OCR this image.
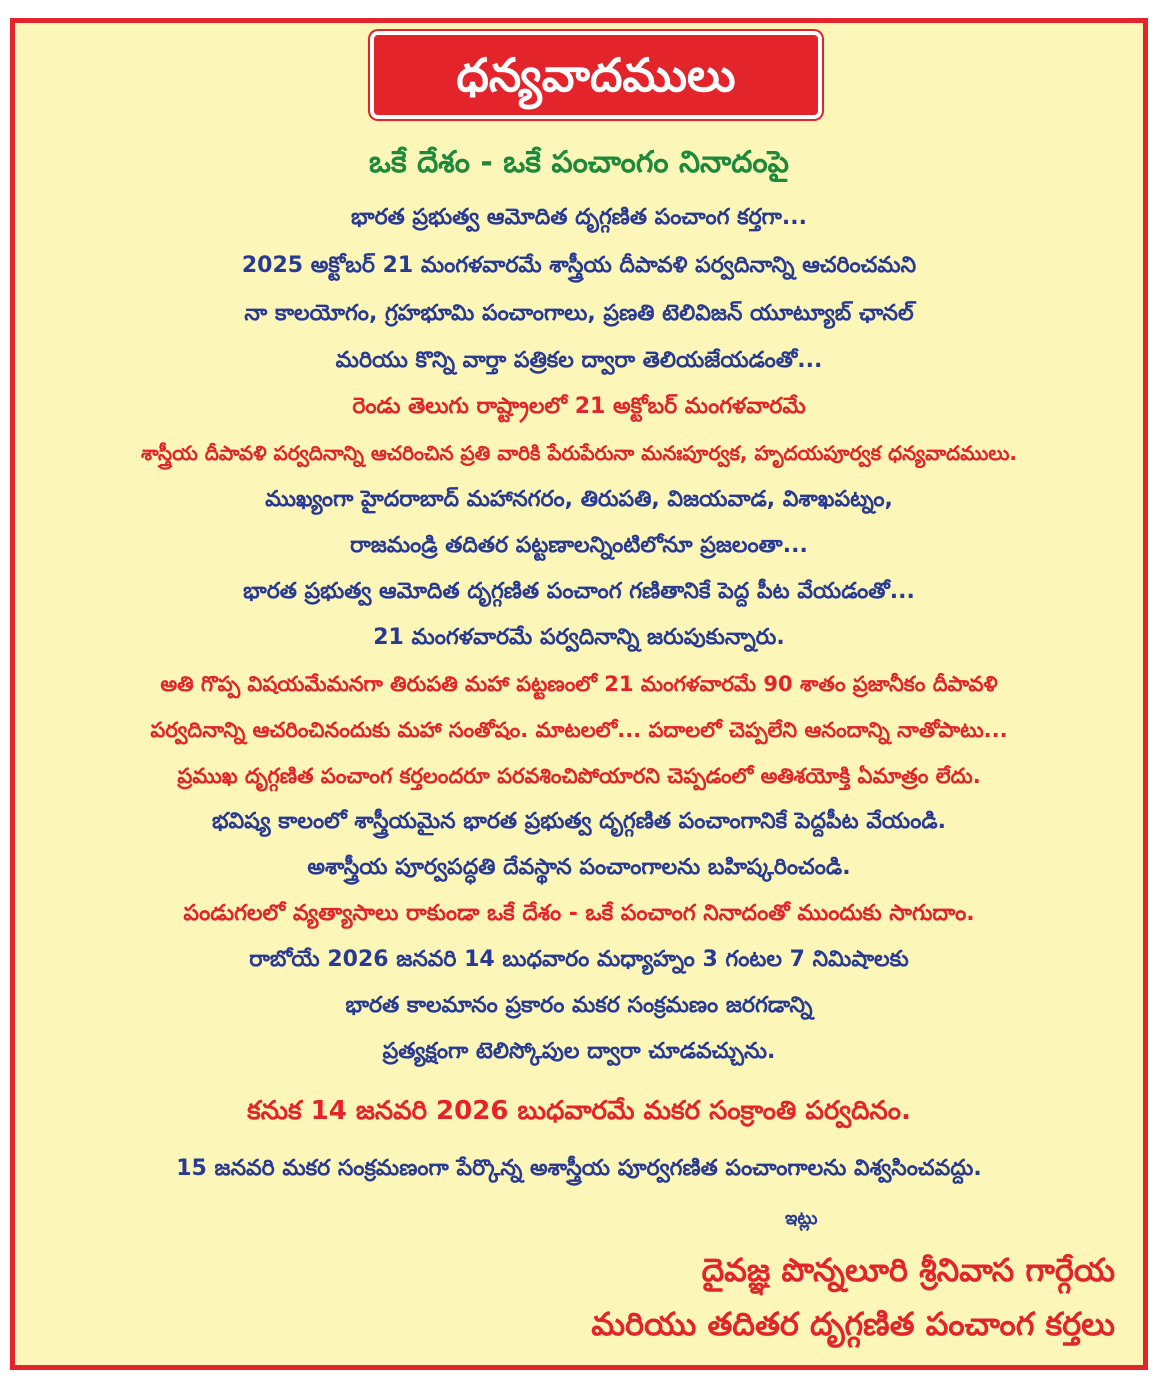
ధన్యవాదములు
ఒకే దేశం - ఒకే పంచాంగం నినాదంపై
భారత ప్రభుత్వ ఆమోదిత దృగ్గణిత పంచాంగ కర్తగా...
2025 అక్టోబర్ 21 మంగళవారమే శాస్త్రీయ దీపావళి పర్వదినాన్ని ఆచరించమని
నా కాలయోగం, గ్రహభూమి పంచాంగాలు, ప్రణతి టెలివిజన్ యూట్యూబ్ ఛానల్
మరియు కొన్ని వార్తా పత్రికల ద్వారా తెలియజేయడంతో...
రెండు తెలుగు రాష్ట్రాలలో 21 అక్టోబర్ మంగళవారమే
శాస్త్రీయ దీపావళి పర్వదినాన్ని ఆచరించిన ప్రతి వారికి పేరుపేరునా మనఃపూర్వక, హృదయపూర్వక ధన్యవాదములు.
ముఖ్యంగా హైదరాబాద్ మహానగరం, తిరుపతి, విజయవాడ, విశాఖపట్నం,
రాజమండ్రి తదితర పట్టణాలన్నింటిలోనూ ప్రజలంతా...
భారత ప్రభుత్వ ఆమోదిత దృగ్గణిత పంచాంగ గణితానికే పెద్ద పీట వేయడంతో...
21 మంగళవారమే పర్వదినాన్ని జరుపుకున్నారు.
అతి గొప్ప విషయమేమనగా తిరుపతి మహా పట్టణంలో 21 మంగళవారమే 90 శాతం ప్రజానీకం దీపావళి
పర్వదినాన్ని ఆచరించినందుకు మహా సంతోషం. మాటలలో... పదాలలో చెప్పలేని ఆనందాన్ని నాతోపాటు...
ప్రముఖ దృగ్గణిత పంచాంగ కర్తలందరూ పరవశించిపోయారని చెప్పడంలో అతిశయోక్తి ఏమాత్రం లేదు.
భవిష్య కాలంలో శాస్త్రీయమైన భారత ప్రభుత్వ దృగ్గణిత పంచాంగానికే పెద్దపీట వేయండి.
అశాస్త్రీయ పూర్వపద్ధతి దేవస్థాన పంచాంగాలను బహిష్కరించండి.
పండుగలలో వ్యత్యాసాలు రాకుండా ఒకే దేశం - ఒకే పంచాంగ నినాదంతో ముందుకు సాగుదాం.
రాబోయే 2026 జనవరి 14 బుధవారం మధ్యాహ్నం 3 గంటల 7 నిమిషాలకు
భారత కాలమానం ప్రకారం మకర సంక్రమణం జరగడాన్ని
ప్రత్యక్షంగా టెలిస్కోపుల ద్వారా చూడవచ్చును.
కనుక 14 జనవరి 2026 బుధవారమే మకర సంక్రాంతి పర్వదినం.
15 జనవరి మకర సంక్రమణంగా పేర్కొన్న అశాస్త్రీయ పూర్వగణిత పంచాంగాలను విశ్వసించవద్దు.
ఇట్లు
దైవజ్ఞ పొన్నలూరి శ్రీనివాస గార్గేయ
మరియు తదితర దృగ్గణిత పంచాంగ కర్తలు
